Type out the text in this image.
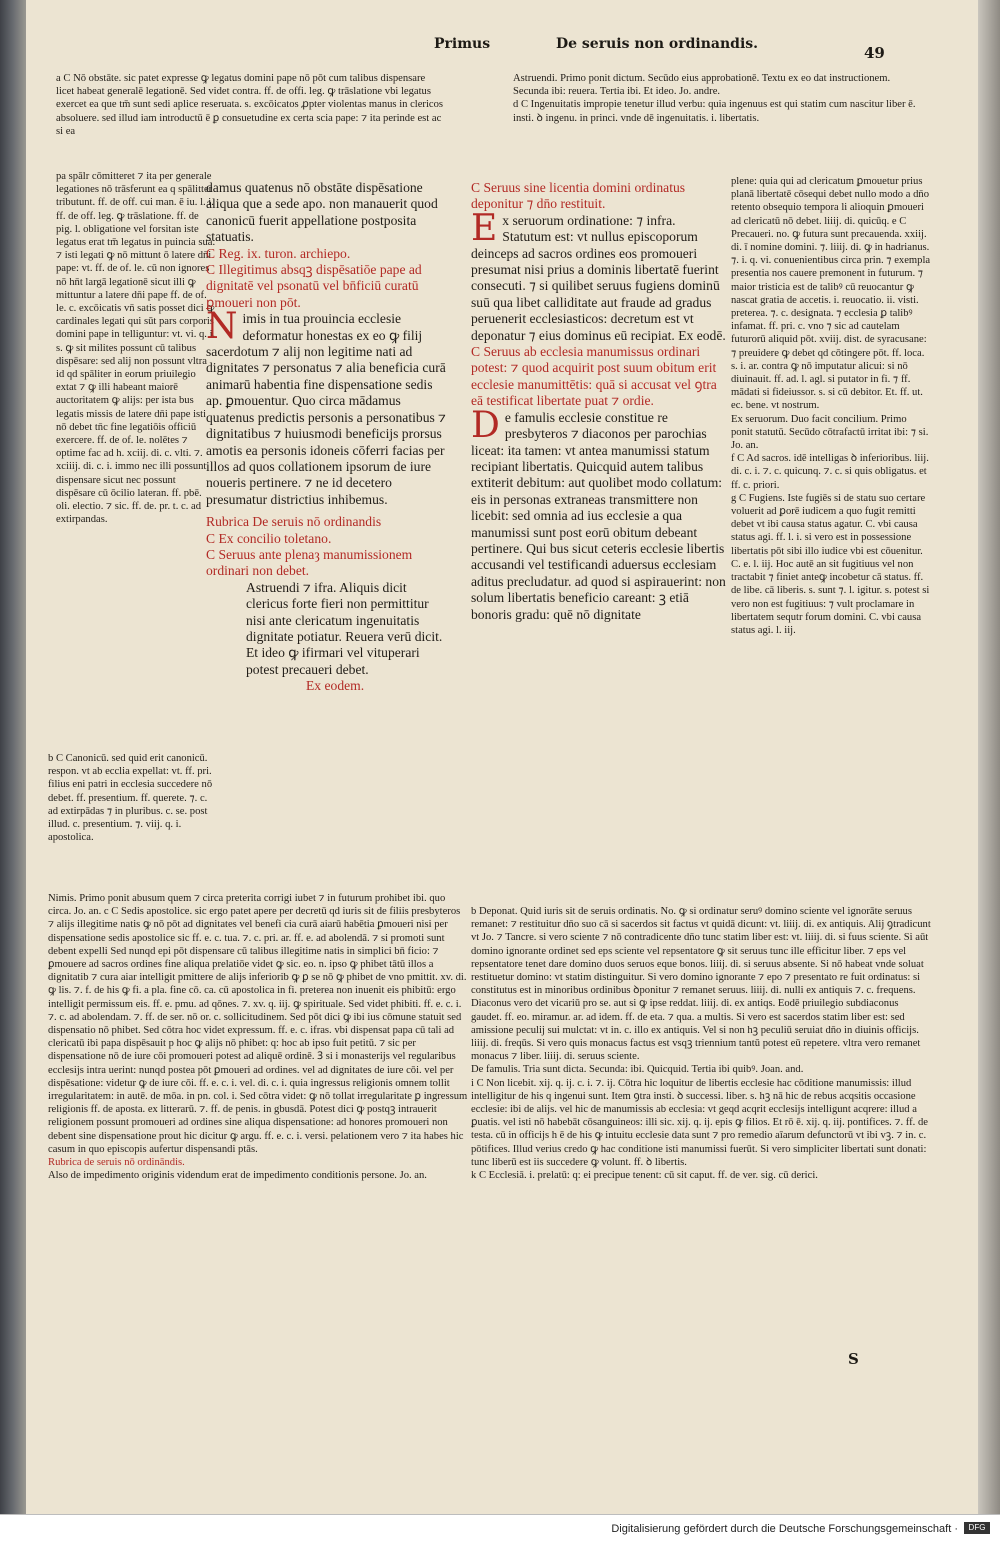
Primus	De seruis non ordinandis.	49

a C Nō obstāte. sic patet expresse ꝙ legatus domini pape nō pōt cum talibus dispensare licet habeat generalē legationē. Sed videt contra. ff. de offi. leg. ꝙ trāslatione vbi legatus exercet ea que tm̄ sunt sedi aplice reseruata. s. excōicatos ꝓpter violentas manus in clericos absoluere. sed illud iam introductū ē ꝑ consuetudine ex certa scia pape: ⁊ ita perinde est ac si ea

pa spālr cōmitteret ⁊ ita per generale legationes nō trāsferunt ea q spālitter tributunt. ff. de off. cui man. ē iu. l. i. ff. de off. leg. ꝙ trāslatione. ff. de pig. l. obligatione vel forsitan iste legatus erat tm̄ legatus in puincia sua. ⁊ isti legati ꝙ nō mittunt ō latere dn̄i pape: vt. ff. de of. le. cū non ignores nō hn̄t largā legationē sicut illi ꝙ mittuntur a latere dn̄i pape ff. de of. le. c. excōicatis vn̄ satis posset dici ꝙ cardinales legati qui sūt pars corporis domini pape in telliguntur: vt. vi. q. i. s. ꝙ sit milites possunt cū talibus dispēsare: sed alij non possunt vltra id qd spāliter in eorum priuilegio extat ⁊ ꝙ illi habeant maiorē auctoritatem ꝙ alijs: per ista bus legatis missis de latere dn̄i pape isti nō debet tn̄c fine legatiōis officiū exercere. ff. de of. le. nolētes ⁊ optime fac ad h. xciij. di. c. vlti. ⁊. xciiij. di. c. i. immo nec illi possunt dispensare sicut nec possunt dispēsare cū ōcilio lateran. ff. pbē. oli. electio. ⁊ sic. ff. de. pr. t. c. ad extirpandas.

b C Canonicū. sed quid erit canonicū. respon. vt ab ecclia expellat: vt. ff. pri. filius eni patri in ecclesia succedere nō debet. ff. presentium. ff. querete. ⁊. c. ad extirpādas ⁊ in pluribus. c. se. post illud. c. presentium. ⁊. viij. q. i. apostolica.

damus quatenus nō obstāte dispēsatione aliqua que a sede apo. non manauerit quod canonicū fuerit appellatione postposita statuatis.

C Reg. ix. turon. archiepo.

C Illegitimus absqꝫ dispēsatiōe pape ad dignitatē vel psonatū vel bn̄ficiū curatū ꝑmoueri non pōt.

Nimis in tua prouincia ecclesie deformatur honestas ex eo ꝙ filij sacerdotum ⁊ alij non legitime nati ad dignitates ⁊ personatus ⁊ alia beneficia curā animarū habentia fine dispensatione sedis ap. ꝑmouentur. Quo circa mādamus quatenus predictis personis a personatibus ⁊ dignitatibus ⁊ huiusmodi beneficijs prorsus amotis ea personis idoneis cōferri facias per illos ad quos collationem ipsorum de iure noueris pertinere. ⁊ ne id decetero presumatur districtius inhibemus.

Rubrica De seruis nō ordinandis

C Ex concilio toletano.

C Seruus ante plenaȝ manumissionem ordinari non debet.

Astruendi ⁊ ifra. Aliquis dicit clericus forte fieri non permittitur nisi ante clericatum ingenuitatis dignitate potiatur. Reuera verū dicit. Et ideo ꝙ ifirmari vel vituperari potest precaueri debet.

Ex eodem.

Astruendi. Primo ponit dictum. Secūdo eius approbationē. Textu ex eo dat instructionem. Secunda ibi: reuera. Tertia ibi. Et ideo. Jo. andre.

d C Ingenuitatis impropie tenetur illud verbu: quia ingenuus est qui statim cum nascitur liber ē. insti. ꝺ ingenu. in princi. vnde dē ingenuitatis. i. libertatis.

C Seruus sine licentia domini ordinatus deponitur ⁊ dn̄o restituit.

Ex seruorum ordinatione: ⁊ infra. Statutum est: vt nullus episcoporum deinceps ad sacros ordines eos promoueri presumat nisi prius a dominis libertatē fuerint consecuti. ⁊ si quilibet seruus fugiens dominū suū qua libet calliditate aut fraude ad gradus peruenerit ecclesiasticos: decretum est vt deponatur ⁊ eius dominus eū recipiat. Ex eodē.

C Seruus ab ecclesia manumissus ordinari potest: ⁊ quod acquirit post suum obitum erit ecclesie manumittētis: quā si accusat vel ꝯtra eā testificat libertate puat ⁊ ordie.

De famulis ecclesie constitue re presbyteros ⁊ diaconos per parochias liceat: ita tamen: vt antea manumissi statum recipiant libertatis. Quicquid autem talibus extiterit debitum: aut quolibet modo collatum: eis in personas extraneas transmittere non licebit: sed omnia ad ius ecclesie a qua manumissi sunt post eorū obitum debeant pertinere. Qui bus sicut ceteris ecclesie libertis accusandi vel testificandi aduersus ecclesiam aditus precludatur. ad quod si aspirauerint: non solum libertatis beneficio careant: ꝫ etiā bonoris gradu: quē nō dignitate

plene: quia qui ad clericatum ꝑmouetur prius planā libertatē cōsequi debet nullo modo a dn̄o retento obsequio tempora li alioquin ꝑmoueri ad clericatū nō debet. liiij. di. quicūq. e C Precaueri. no. ꝙ futura sunt precauenda. xxiij. di. ī nomine domini. ⁊. liiij. di. ꝙ in hadrianus. ⁊. i. q. vi. conuenientibus circa prin. ⁊ exempla presentia nos cauere premonent in futurum. ⁊ maior tristicia est de talibꝰ cū reuocantur ꝙ nascat gratia de accetis. i. reuocatio. ii. visti. preterea. ⁊. c. designata. ⁊ ecclesia ꝑ talibꝰ infamat. ff. pri. c. vno ⁊ sic ad cautelam futurorū aliquid pōt. xviij. dist. de syracusane: ⁊ preuidere ꝙ debet qd cōtingere pōt. ff. loca. s. i. ar. contra ꝙ nō imputatur alicui: si nō diuinauit. ff. ad. l. agl. si putator in fi. ⁊ ff. mādati si fideiussor. s. si cū debitor. Et. ff. ut. ec. bene. vt nostrum.

Ex seruorum. Duo facit concilium. Primo ponit statutū. Secūdo cōtrafactū irritat ibi: ⁊ si. Jo. an.

f C Ad sacros. idē intelligas ꝺ inferioribus. liij. di. c. i. ⁊. c. quicunq. ⁊. c. si quis obligatus. et ff. c. priori.

g C Fugiens. Iste fugiēs si de statu suo certare voluerit ad ꝑorē iudicem a quo fugit remitti debet vt ibi causa status agatur. C. vbi causa status agi. ff. l. i. si vero est in possessione libertatis pōt sibi illo iudice vbi est cōuenitur. C. e. l. iij. Hoc autē an sit fugitiuus vel non tractabit ⁊ finiet anteꝙ incobetur cā status. ff. de libe. cā liberis. s. sunt ⁊. l. igitur. s. potest si vero non est fugitiuus: ⁊ vult proclamare in libertatem sequtr forum domini. C. vbi causa status agi. l. iij.

Nimis. Primo ponit abusum quem ⁊ circa preterita corrigi iubet ⁊ in futurum prohibet ibi. quo circa. Jo. an. c C Sedis apostolice. sic ergo patet apere per decretū qd iuris sit de filiis presbyteros ⁊ alijs illegitime natis ꝙ nō pōt ad dignitates vel benefi cia curā aiarū habētia ꝑmoueri nisi per dispensatione sedis apostolice sic ff. e. c. tua. ⁊. c. pri. ar. ff. e. ad abolendā. ⁊ si promoti sunt debent expelli Sed nunqd epi pōt dispensare cū talibus illegitime natis in simplici bn̄ ficio: ⁊ ꝑmouere ad sacros ordines fine aliqua prelatiōe videt ꝙ sic. eo. n. ipso ꝙ phibet tātū illos a dignitatib ⁊ cura aiar intelligit pmittere de alijs inferiorib ꝙ ꝑ se nō ꝙ phibet de vno pmittit. xv. di. ꝙ lis. ⁊. f. de his ꝙ fi. a pla. fine cō. ca. cū apostolica in fi. preterea non inuenit eis phibitū: ergo intelligit permissum eis. ff. e. pmu. ad qōnes. ⁊. xv. q. iij. ꝙ spirituale. Sed videt phibiti. ff. e. c. i. ⁊. c. ad abolendam. ⁊. ff. de ser. nō or. c. sollicitudinem. Sed pōt dici ꝙ ibi ius cōmune statuit sed dispensatio nō phibet. Sed cōtra hoc videt expressum. ff. e. c. ifras. vbi dispensat papa cū tali ad clericatū ibi papa dispēsauit p hoc ꝙ alijs nō phibet: q: hoc ab ipso fuit petitū. ⁊ sic per dispensatione nō de iure cōi promoueri potest ad aliquē ordinē. Ꝫ si i monasterijs vel regularibus ecclesijs intra uerint: nunqd postea pōt ꝑmoueri ad ordines. vel ad dignitates de iure cōi. vel per dispēsatione: videtur ꝙ de iure cōi. ff. e. c. i. vel. di. c. i. quia ingressus religionis omnem tollit irregularitatem: in autē. de mōa. in pn. col. i. Sed cōtra videt: ꝙ nō tollat irregularitate ꝑ ingressum religionis ff. de aposta. ex litterarū. ⁊. ff. de penis. in gbusdā. Potest dici ꝙ postqꝫ intrauerit religionem possunt promoueri ad ordines sine aliqua dispensatione: ad honores promoueri non debent sine dispensatione prout hic dicitur ꝙ argu. ff. e. c. i. versi. pelationem vero ⁊ ita habes hic casum in quo episcopis aufertur dispensandi ptās.

Rubrica de seruis nō ordināndis.

Also de impedimento originis videndum erat de impedimento conditionis persone. Jo. an.

b Deponat. Quid iuris sit de seruis ordinatis. No. ꝙ si ordinatur seruꝰ domino sciente vel ignorāte seruus remanet: ⁊ restituitur dn̄o suo cā si sacerdos sit factus vt quidā dicunt: vt. liiij. di. ex antiquis. Alij ꝯtradicunt vt Jo. ⁊ Tancre. si vero sciente ⁊ nō contradicente dn̄o tunc statim liber est: vt. liiij. di. si fuus sciente. Si aūt domino ignorante ordinet sed eps sciente vel repsentatore ꝙ sit seruus tunc ille efficitur liber. ⁊ eps vel repsentatore tenet dare domino duos seruos eque bonos. liiij. di. si seruus absente. Si nō habeat vnde soluat restituetur domino: vt statim distinguitur. Si vero domino ignorante ⁊ epo ⁊ presentato re fuit ordinatus: si constitutus est in minoribus ordinibus ꝺponitur ⁊ remanet seruus. liiij. di. nulli ex antiquis ⁊. c. frequens. Diaconus vero det vicariū pro se. aut si ꝙ ipse reddat. liiij. di. ex antiqs. Eodē priuilegio subdiaconus gaudet. ff. eo. miramur. ar. ad idem. ff. de eta. ⁊ qua. a multis. Si vero est sacerdos statim liber est: sed amissione peculij sui mulctat: vt in. c. illo ex antiquis. Vel si non hꝫ peculiū seruiat dn̄o in diuinis officijs. liiij. di. freqūs. Si vero quis monacus factus est vsqꝫ triennium tantū potest eū repetere. vltra vero remanet monacus ⁊ liber. liiij. di. seruus sciente.

De famulis. Tria sunt dicta. Secunda: ibi. Quicquid. Tertia ibi quibꝰ. Joan. and.

i C Non licebit. xij. q. ij. c. i. ⁊. ij. Cōtra hic loquitur de libertis ecclesie hac cōditione manumissis: illud intelligitur de his q ingenui sunt. Item ꝯtra insti. ꝺ successi. liber. s. hꝫ nā hic de rebus acqsitis occasione ecclesie: ibi de alijs. vel hic de manumissis ab ecclesia: vt geqd acqrit ecclesijs intelligunt acqrere: illud a ꝑuatis. vel isti nō habebāt cōsanguineos: illi sic. xij. q. ij. epis ꝙ filios. Et rō ē. xij. q. iij. pontifices. ⁊. ff. de testa. cū in officijs h ē de his ꝙ intuitu ecclesie data sunt ⁊ pro remedio aīarum defunctorū vt ibi vꝫ. ⁊ in. c. pōtifices. Illud verius credo ꝙ hac conditione isti manumissi fuerūt. Si vero simpliciter libertati sunt donati: tunc liberū est iis succedere ꝙ volunt. ff. ꝺ libertis.

k C Ecclesiā. i. prelatū: q: ei precipue tenent: cū sit caput. ff. de ver. sig. cū derici.

S
Digitalisierung gefördert durch die Deutsche Forschungsgemeinschaft ·	DFG
